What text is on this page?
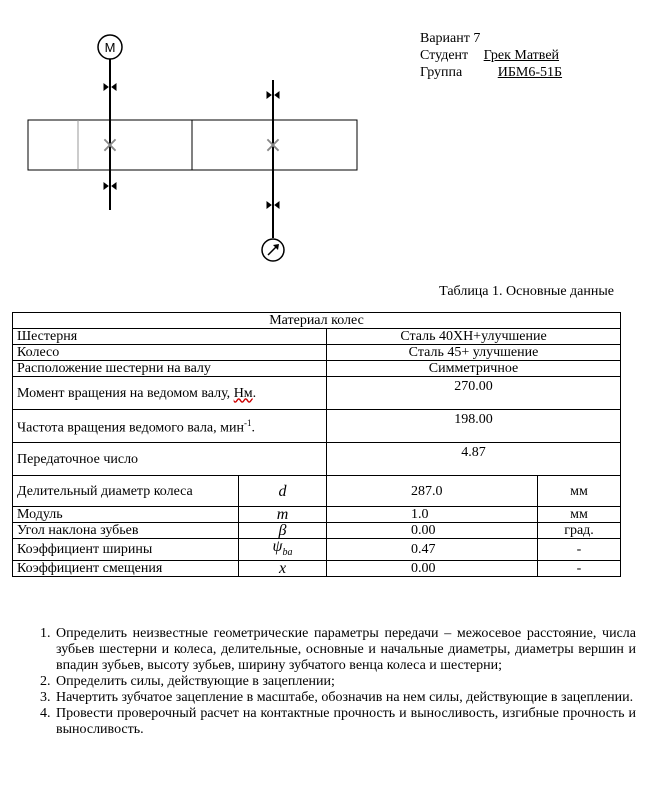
M
×	×
Вариант 7
Студент Грек Матвей
Группа	ИБМ6-51Б
Таблица 1. Основные данные
Материал колес			
Шестерня		Сталь 40ХН+улучшение	
Колесо		Сталь 45+ улучшение	
Расположение шестерни на валу		Симметричное	
Момент вращения на ведомом валу, Нм.		270.00	
Частота вращения ведомого вала, мин$^{-1}$.		198.00	
Передаточное число		4.87	
Делительный диаметр колеса	d	287.0	мм
Модуль	m	1.0	мм
Угол наклона зубьев	β	0.00	град.
Коэффициент ширины	$\psi_{ba}$	0.47	-
Коэффициент смещения	x	0.00	-
1. Определить неизвестные геометрические параметры передачи – межосевое расстояние, числа зубьев шестерни и колеса, делительные, основные и начальные диаметры, диаметры вершин и впадин зубьев, высоту зубьев, ширину зубчатого венца колеса и шестерни;
2. Определить силы, действующие в зацеплении;
3. Начертить зубчатое зацепление в масштабе, обозначив на нем силы, действующие в зацеплении.
4. Провести проверочный расчет на контактные прочность и выносливость, изгибные прочность и выносливость.
